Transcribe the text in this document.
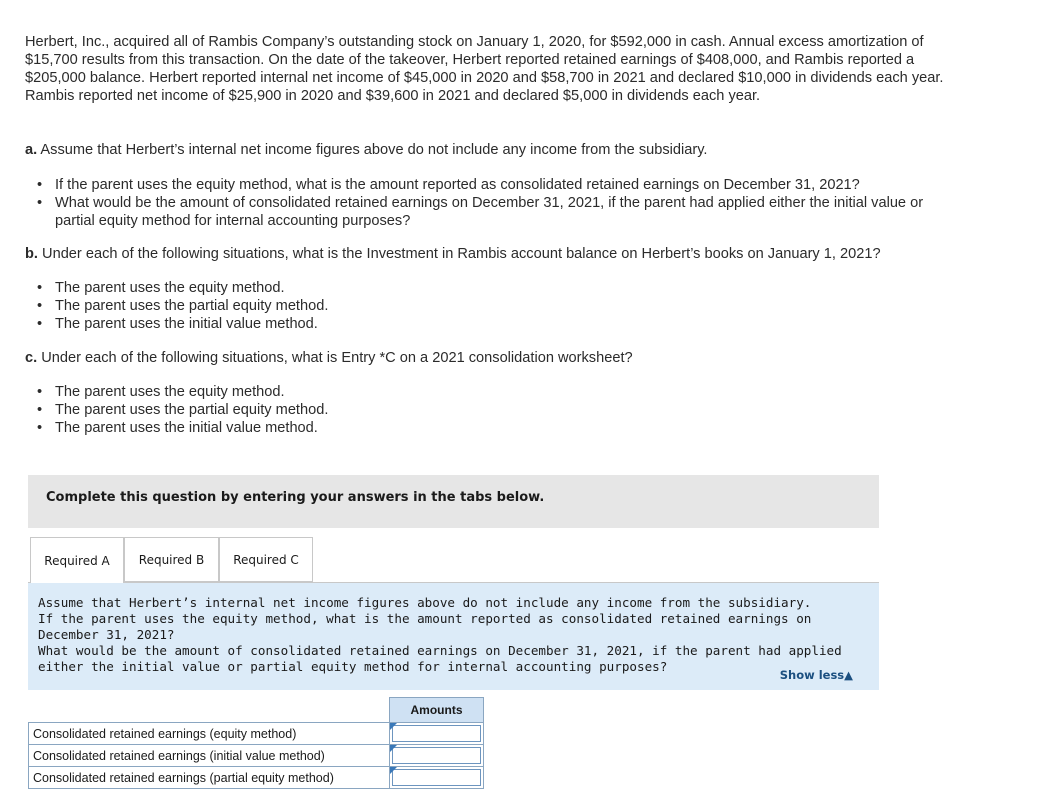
Herbert, Inc., acquired all of Rambis Company’s outstanding stock on January 1, 2020, for $592,000 in cash. Annual excess amortization of $15,700 results from this transaction. On the date of the takeover, Herbert reported retained earnings of $408,000, and Rambis reported a $205,000 balance. Herbert reported internal net income of $45,000 in 2020 and $58,700 in 2021 and declared $10,000 in dividends each year. Rambis reported net income of $25,900 in 2020 and $39,600 in 2021 and declared $5,000 in dividends each year.
a. Assume that Herbert’s internal net income figures above do not include any income from the subsidiary.
• If the parent uses the equity method, what is the amount reported as consolidated retained earnings on December 31, 2021?
• What would be the amount of consolidated retained earnings on December 31, 2021, if the parent had applied either the initial value or partial equity method for internal accounting purposes?
b. Under each of the following situations, what is the Investment in Rambis account balance on Herbert’s books on January 1, 2021?
• The parent uses the equity method.
• The parent uses the partial equity method.
• The parent uses the initial value method.
c. Under each of the following situations, what is Entry *C on a 2021 consolidation worksheet?
• The parent uses the equity method.
• The parent uses the partial equity method.
• The parent uses the initial value method.
Complete this question by entering your answers in the tabs below.
Required A	Required B	Required C
Assume that Herbert’s internal net income figures above do not include any income from the subsidiary.
If the parent uses the equity method, what is the amount reported as consolidated retained earnings on December 31, 2021?
What would be the amount of consolidated retained earnings on December 31, 2021, if the parent had applied either the initial value or partial equity method for internal accounting purposes?
Show less▲
	Amounts
Consolidated retained earnings (equity method)	

Consolidated retained earnings (initial value method)	

Consolidated retained earnings (partial equity method)	
